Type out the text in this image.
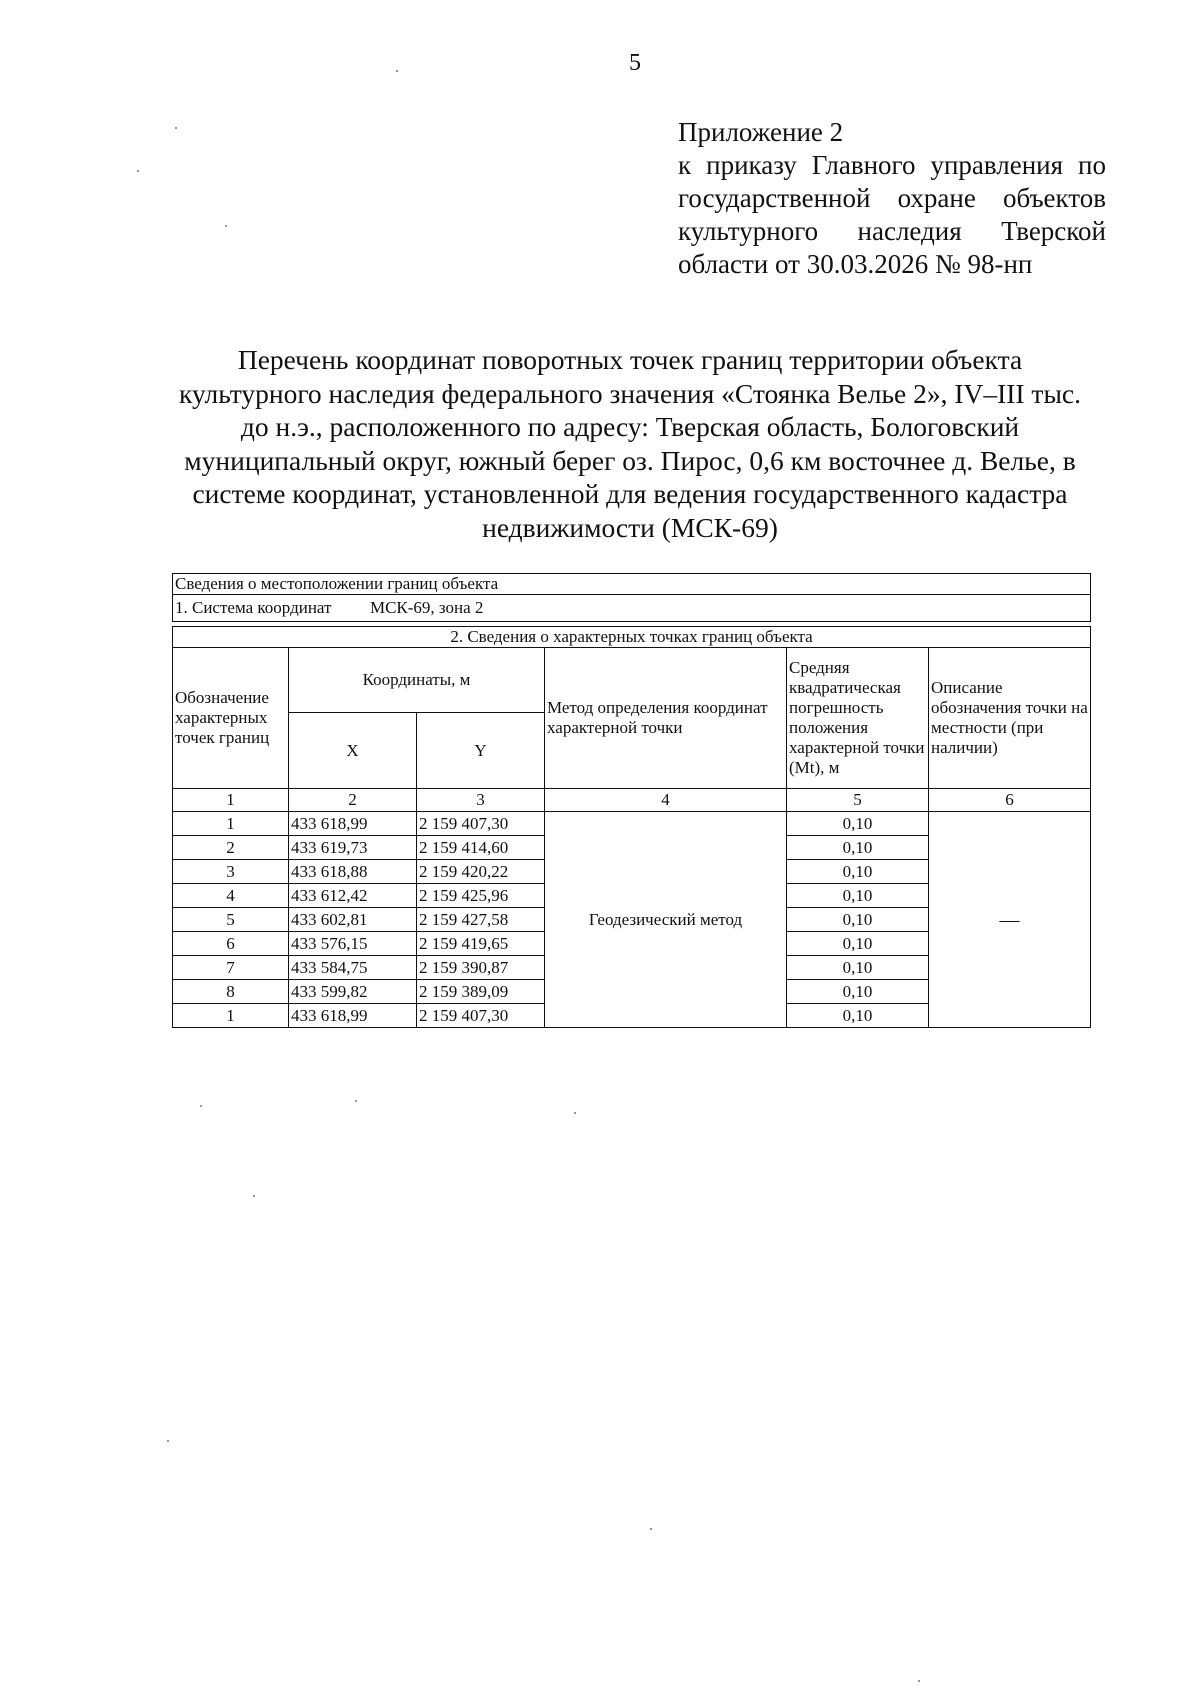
5
Приложение 2
к приказу Главного управления по
государственной охране объектов
культурного наследия Тверской
области от 30.03.2026 № 98-нп
Перечень координат поворотных точек границ территории объекта
культурного наследия федерального значения «Стоянка Велье 2», IV–III тыс.
до н.э., расположенного по адресу: Тверская область, Бологовский
муниципальный округ, южный берег оз. Пирос, 0,6 км восточнее д. Велье, в
системе координат, установленной для ведения государственного кадастра
недвижимости (МСК-69)
Сведения о местоположении границ объекта					
1. Система координат МСК-69, зона 2					

2. Сведения о характерных точках границ объекта					
Обозначение характерных точек границ	Координаты, м		Метод определения координат характерной точки	Средняя квадратическая погрешность положения характерной точки (Mt), м	Описание обозначения точки на местности (при наличии)
	X	Y			
1	2	3	4	5	6
1	433 618,99	2 159 407,30	Геодезический метод	0,10	—
2	433 619,73	2 159 414,60		0,10	
3	433 618,88	2 159 420,22		0,10	
4	433 612,42	2 159 425,96		0,10	
5	433 602,81	2 159 427,58		0,10	
6	433 576,15	2 159 419,65		0,10	
7	433 584,75	2 159 390,87		0,10	
8	433 599,82	2 159 389,09		0,10	
1	433 618,99	2 159 407,30		0,10	
